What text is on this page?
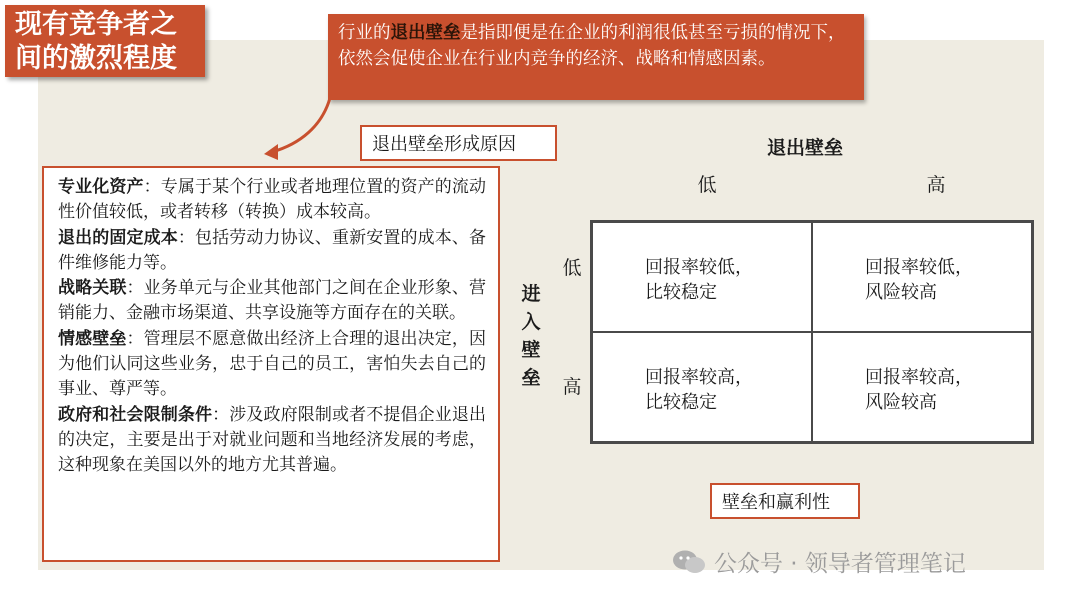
现有竞争者之
间的激烈程度
行业的退出壁垒是指即便是在企业的利润很低甚至亏损的情况下，依然会促使企业在行业内竞争的经济、战略和情感因素。
退出壁垒形成原因
专业化资产：专属于某个行业或者地理位置的资产的流动性价值较低，或者转移（转换）成本较高。
退出的固定成本：包括劳动力协议、重新安置的成本、备件维修能力等。
战略关联：业务单元与企业其他部门之间在企业形象、营销能力、金融市场渠道、共享设施等方面存在的关联。
情感壁垒：管理层不愿意做出经济上合理的退出决定，因为他们认同这些业务，忠于自己的员工，害怕失去自己的事业、尊严等。
政府和社会限制条件：涉及政府限制或者不提倡企业退出的决定，主要是出于对就业问题和当地经济发展的考虑，这种现象在美国以外的地方尤其普遍。
退出壁垒
低	高
进入壁垒
低
高
回报率较低，
比较稳定
回报率较低，
风险较高
回报率较高，
比较稳定
回报率较高，
风险较高
壁垒和赢利性
公众号 · 领导者管理笔记
